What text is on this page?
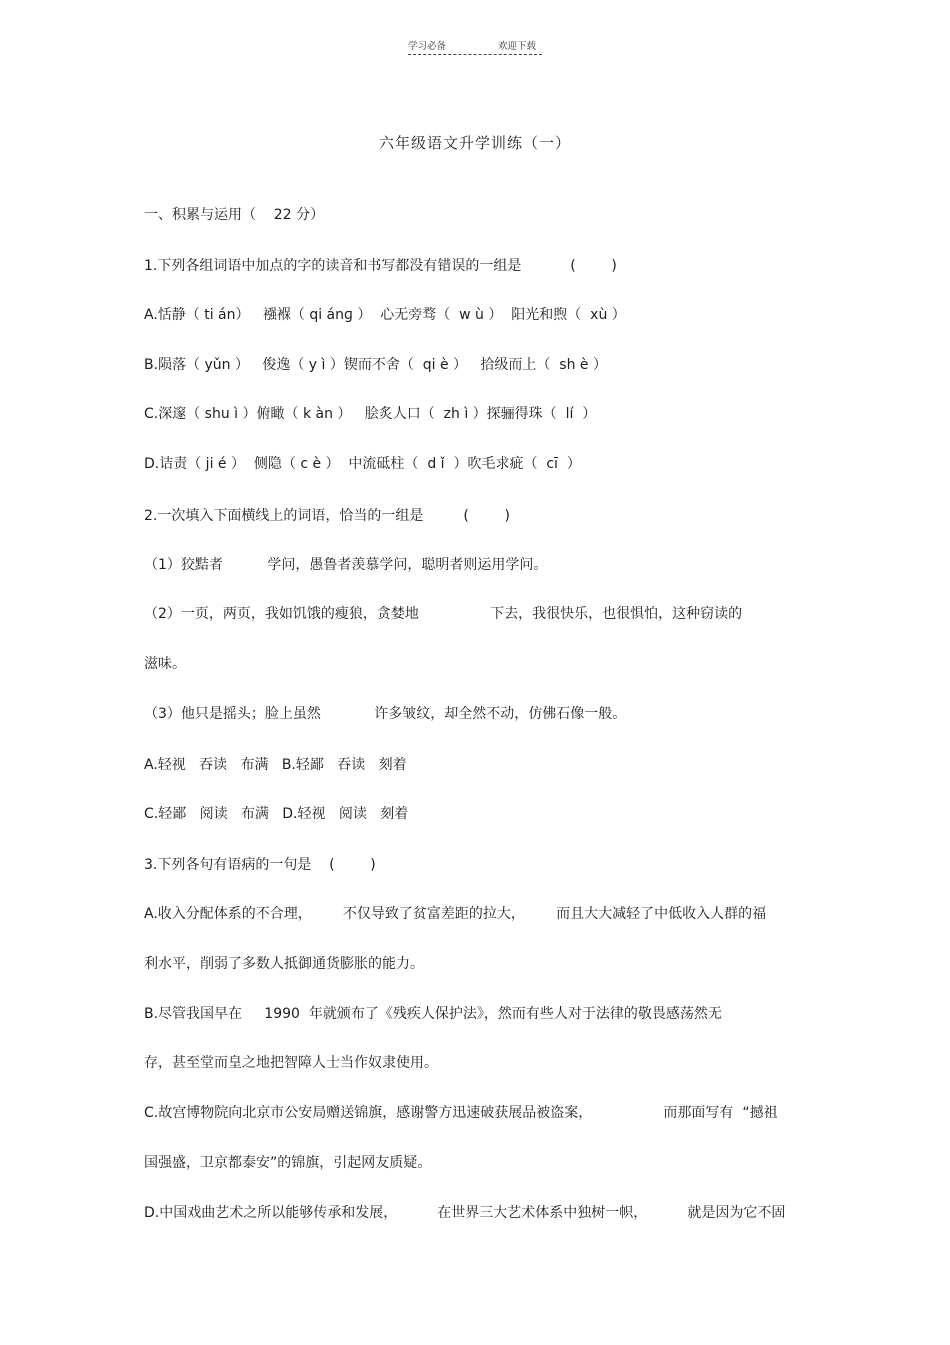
学习必备	欢迎下载
六年级语文升学训练（一）
一、积累与运用（    22 分）
1.下列各组词语中加点的字的读音和书写都没有错误的一组是           (        )
A.恬静（ ti án）   襁褓（ qi ánɡ ）  心无旁骛（  w ù ）  阳光和煦（  xù ）
B.陨落（ yǔn ）   俊逸（ y ì ）锲而不舍（  qi è ）   拾级而上（  sh è ）
C.深邃（ shu ì ）俯瞰（ k àn ）   脍炙人口（  zh ì ）探骊得珠（  lí  ）
D.诘责（ ji é ）  侧隐（ c è ）  中流砥柱（  d ǐ  ）吹毛求疵（  cī  ）
2.一次填入下面横线上的词语，恰当的一组是         (        )
（1）狡黠者          学问，愚鲁者羡慕学问，聪明者则运用学问。
（2）一页，两页，我如饥饿的瘦狼，贪婪地                下去，我很快乐，也很惧怕，这种窃读的
滋味。
（3）他只是摇头；脸上虽然            许多皱纹，却全然不动，仿佛石像一般。
A.轻视   吞读   布满   B.轻鄙   吞读   刻着
C.轻鄙   阅读   布满   D.轻视   阅读   刻着
3.下列各句有语病的一句是    (        )
A.收入分配体系的不合理，       不仅导致了贫富差距的拉大，       而且大大减轻了中低收入人群的福
利水平，削弱了多数人抵御通货膨胀的能力。
B.尽管我国早在     1990  年就颁布了《残疾人保护法》，然而有些人对于法律的敬畏感荡然无
存，甚至堂而皇之地把智障人士当作奴隶使用。
C.故宫博物院向北京市公安局赠送锦旗，感谢警方迅速破获展品被盗案，                而那面写有  “撼祖
国强盛，卫京都泰安”的锦旗，引起网友质疑。
D.中国戏曲艺术之所以能够传承和发展，         在世界三大艺术体系中独树一帜，         就是因为它不固
